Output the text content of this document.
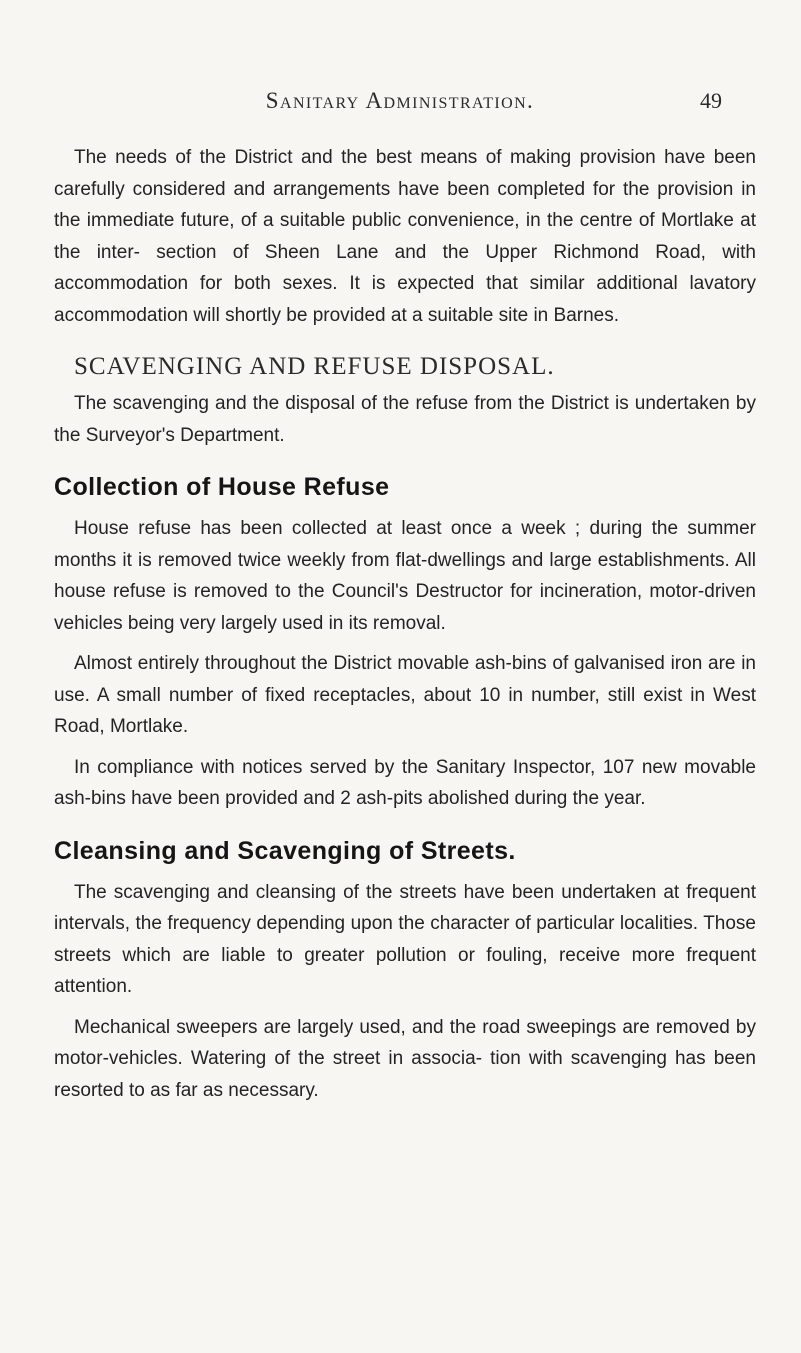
Sanitary Administration.	49

The needs of the District and the best means of making provision have been carefully considered and arrangements have been completed for the provision in the immediate future, of a suitable public convenience, in the centre of Mortlake at the inter- section of Sheen Lane and the Upper Richmond Road, with accommodation for both sexes. It is expected that similar additional lavatory accommodation will shortly be provided at a suitable site in Barnes.

SCAVENGING AND REFUSE DISPOSAL.

The scavenging and the disposal of the refuse from the District is undertaken by the Surveyor's Department.

Collection of House Refuse

House refuse has been collected at least once a week ; during the summer months it is removed twice weekly from flat-dwellings and large establishments. All house refuse is removed to the Council's Destructor for incineration, motor-driven vehicles being very largely used in its removal.

Almost entirely throughout the District movable ash-bins of galvanised iron are in use. A small number of fixed receptacles, about 10 in number, still exist in West Road, Mortlake.

In compliance with notices served by the Sanitary Inspector, 107 new movable ash-bins have been provided and 2 ash-pits abolished during the year.

Cleansing and Scavenging of Streets.

The scavenging and cleansing of the streets have been undertaken at frequent intervals, the frequency depending upon the character of particular localities. Those streets which are liable to greater pollution or fouling, receive more frequent attention.

Mechanical sweepers are largely used, and the road sweepings are removed by motor-vehicles. Watering of the street in associa- tion with scavenging has been resorted to as far as necessary.
